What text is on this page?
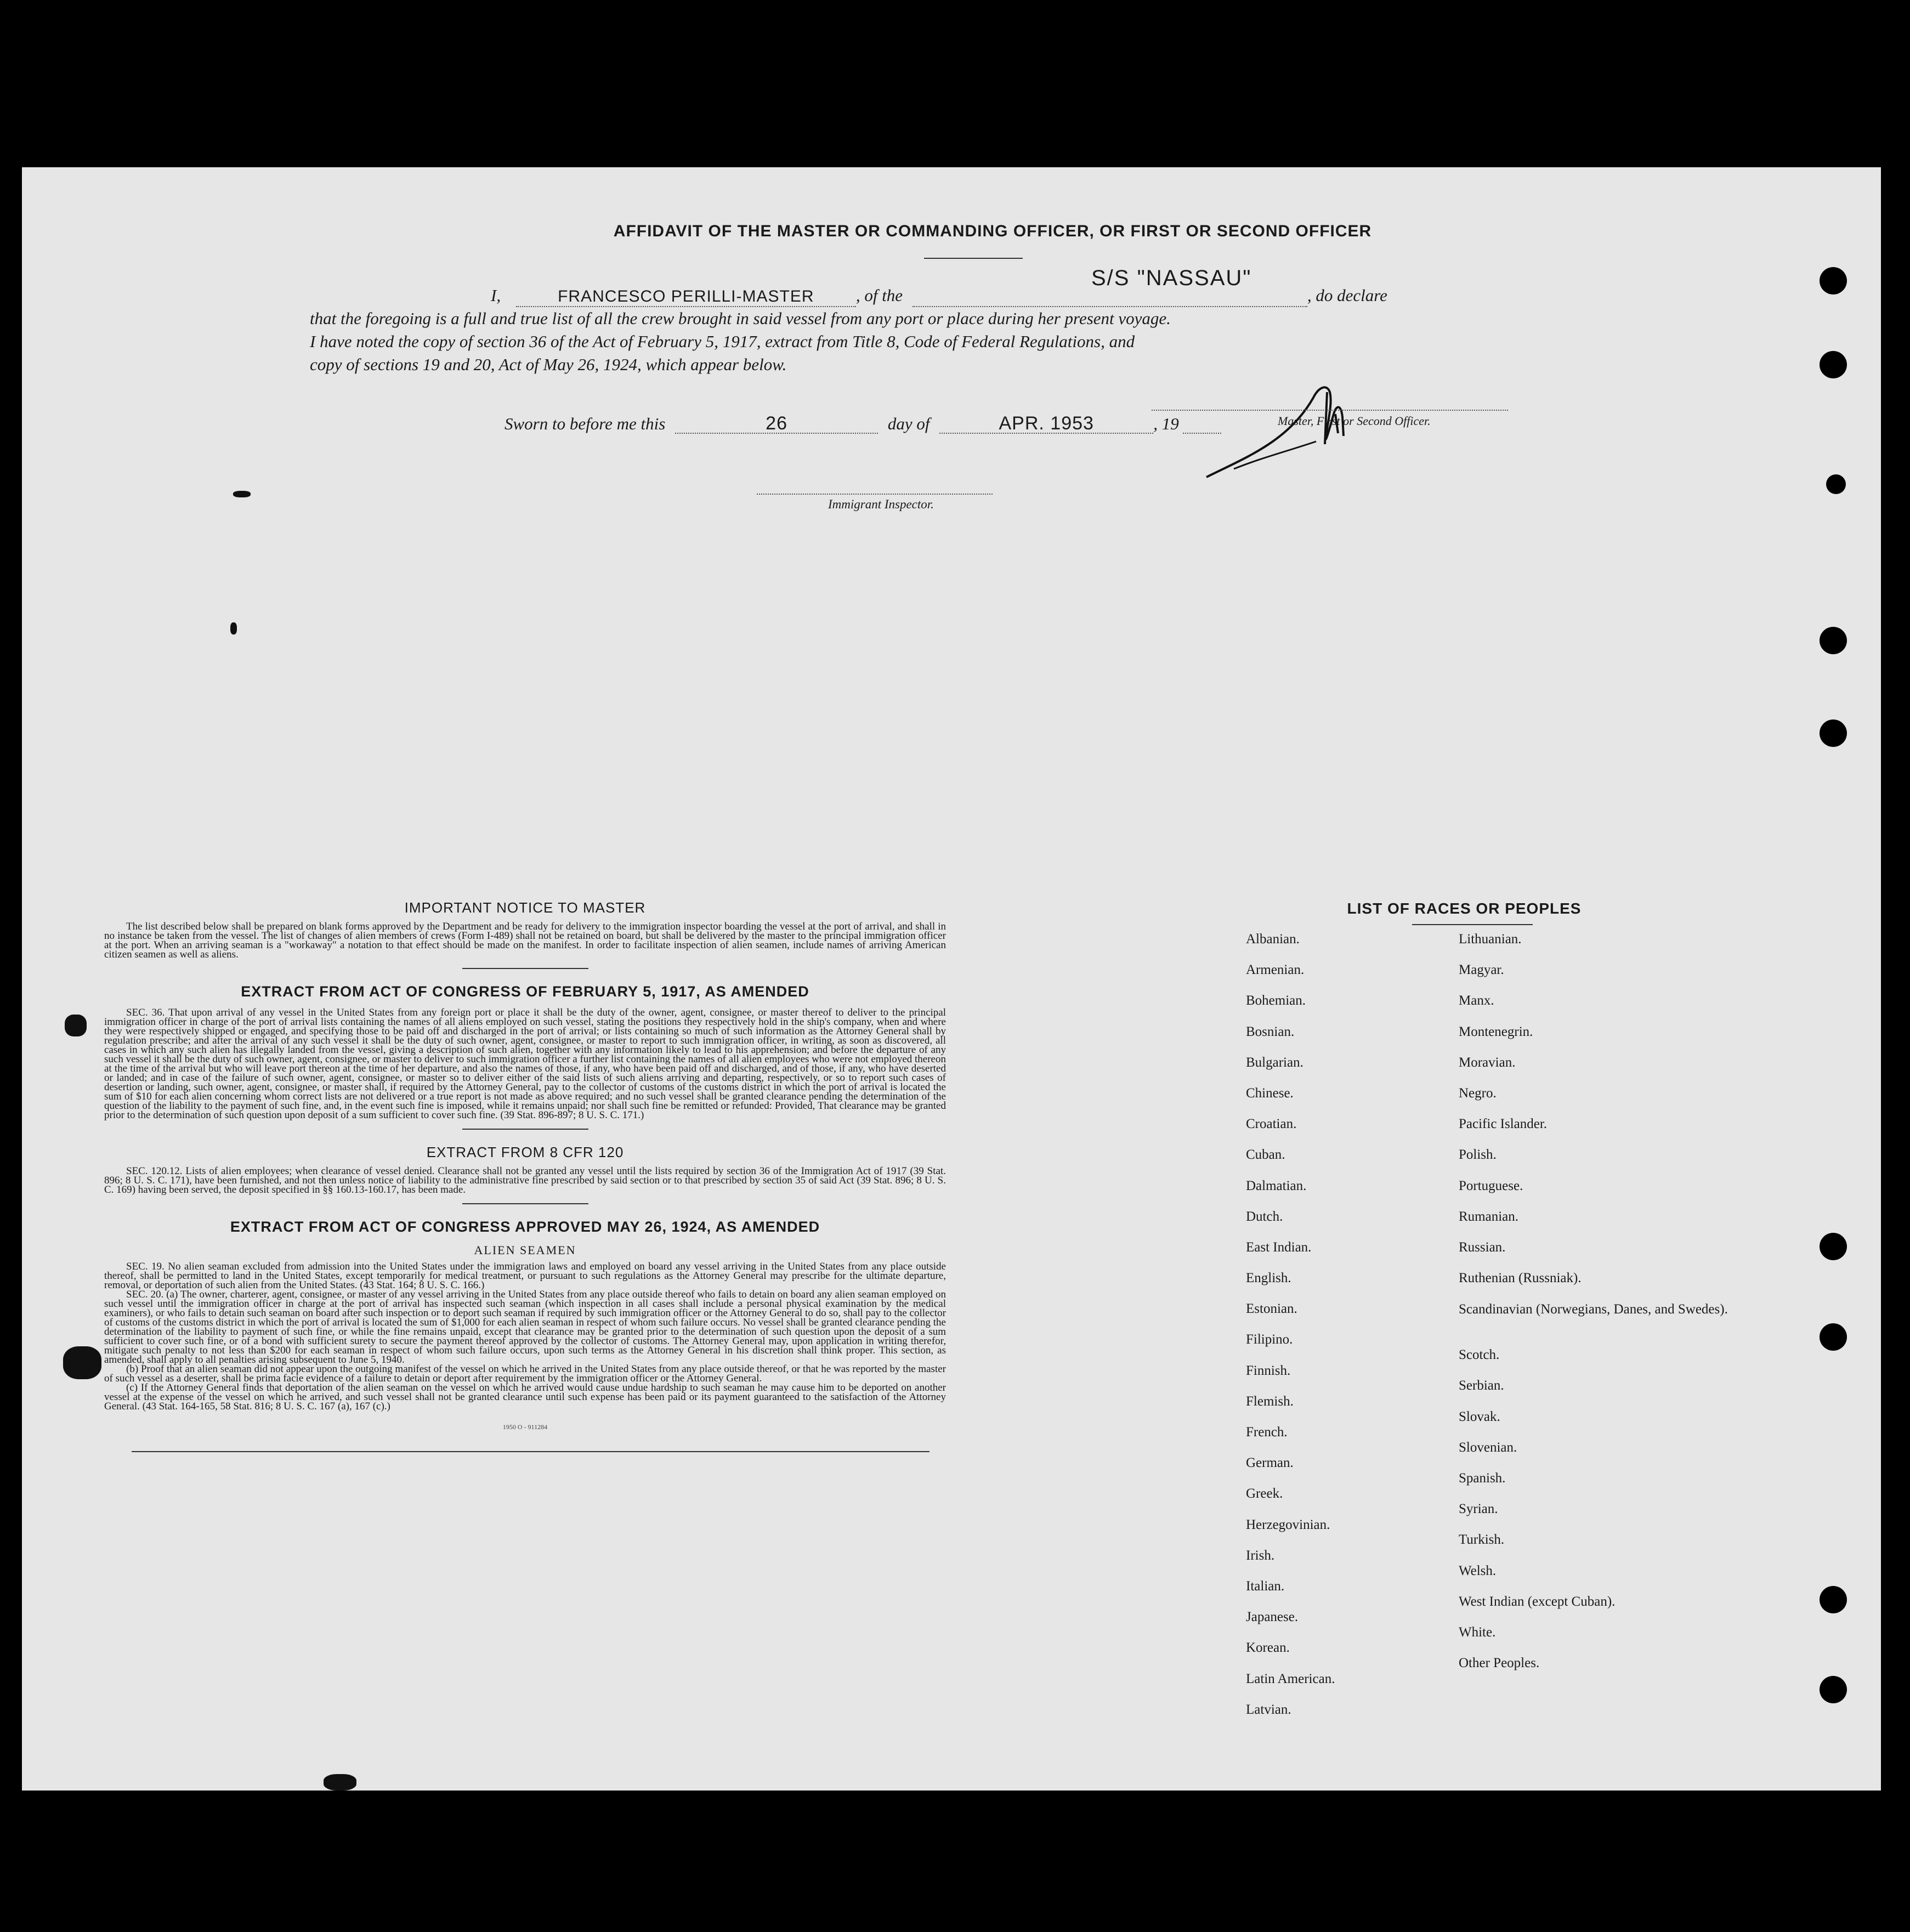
AFFIDAVIT OF THE MASTER OR COMMANDING OFFICER, OR FIRST OR SECOND OFFICER
S/S "NASSAU"
I,	FRANCESCO PERILLI-MASTER , of the	, do declare
that the foregoing is a full and true list of all the crew brought in said vessel from any port or place during her present voyage.
I have noted the copy of section 36 of the Act of February 5, 1917, extract from Title 8, Code of Federal Regulations, and
copy of sections 19 and 20, Act of May 26, 1924, which appear below.
Master, First or Second Officer.
Sworn to before me this	26	day of	APR. 1953	, 19
Immigrant Inspector.
IMPORTANT NOTICE TO MASTER

The list described below shall be prepared on blank forms approved by the Department and be ready for delivery to the immigration inspector boarding the vessel at the port of arrival, and shall in no instance be taken from the vessel. The list of changes of alien members of crews (Form I-489) shall not be retained on board, but shall be delivered by the master to the principal immigration officer at the port. When an arriving seaman is a "workaway" a notation to that effect should be made on the manifest. In order to facilitate inspection of alien seamen, include names of arriving American citizen seamen as well as aliens.

EXTRACT FROM ACT OF CONGRESS OF FEBRUARY 5, 1917, AS AMENDED

SEC. 36. That upon arrival of any vessel in the United States from any foreign port or place it shall be the duty of the owner, agent, consignee, or master thereof to deliver to the principal immigration officer in charge of the port of arrival lists containing the names of all aliens employed on such vessel, stating the positions they respectively hold in the ship's company, when and where they were respectively shipped or engaged, and specifying those to be paid off and discharged in the port of arrival; or lists containing so much of such information as the Attorney General shall by regulation prescribe; and after the arrival of any such vessel it shall be the duty of such owner, agent, consignee, or master to report to such immigration officer, in writing, as soon as discovered, all cases in which any such alien has illegally landed from the vessel, giving a description of such alien, together with any information likely to lead to his apprehension; and before the departure of any such vessel it shall be the duty of such owner, agent, consignee, or master to deliver to such immigration officer a further list containing the names of all alien employees who were not employed thereon at the time of the arrival but who will leave port thereon at the time of her departure, and also the names of those, if any, who have been paid off and discharged, and of those, if any, who have deserted or landed; and in case of the failure of such owner, agent, consignee, or master so to deliver either of the said lists of such aliens arriving and departing, respectively, or so to report such cases of desertion or landing, such owner, agent, consignee, or master shall, if required by the Attorney General, pay to the collector of customs of the customs district in which the port of arrival is located the sum of $10 for each alien concerning whom correct lists are not delivered or a true report is not made as above required; and no such vessel shall be granted clearance pending the determination of the question of the liability to the payment of such fine, and, in the event such fine is imposed, while it remains unpaid; nor shall such fine be remitted or refunded: Provided, That clearance may be granted prior to the determination of such question upon deposit of a sum sufficient to cover such fine. (39 Stat. 896-897; 8 U. S. C. 171.)

EXTRACT FROM 8 CFR 120

SEC. 120.12. Lists of alien employees; when clearance of vessel denied. Clearance shall not be granted any vessel until the lists required by section 36 of the Immigration Act of 1917 (39 Stat. 896; 8 U. S. C. 171), have been furnished, and not then unless notice of liability to the administrative fine prescribed by said section or to that prescribed by section 35 of said Act (39 Stat. 896; 8 U. S. C. 169) having been served, the deposit specified in §§ 160.13-160.17, has been made.

EXTRACT FROM ACT OF CONGRESS APPROVED MAY 26, 1924, AS AMENDED
ALIEN SEAMEN

SEC. 19. No alien seaman excluded from admission into the United States under the immigration laws and employed on board any vessel arriving in the United States from any place outside thereof, shall be permitted to land in the United States, except temporarily for medical treatment, or pursuant to such regulations as the Attorney General may prescribe for the ultimate departure, removal, or deportation of such alien from the United States. (43 Stat. 164; 8 U. S. C. 166.)

SEC. 20. (a) The owner, charterer, agent, consignee, or master of any vessel arriving in the United States from any place outside thereof who fails to detain on board any alien seaman employed on such vessel until the immigration officer in charge at the port of arrival has inspected such seaman (which inspection in all cases shall include a personal physical examination by the medical examiners), or who fails to detain such seaman on board after such inspection or to deport such seaman if required by such immigration officer or the Attorney General to do so, shall pay to the collector of customs of the customs district in which the port of arrival is located the sum of $1,000 for each alien seaman in respect of whom such failure occurs. No vessel shall be granted clearance pending the determination of the liability to payment of such fine, or while the fine remains unpaid, except that clearance may be granted prior to the determination of such question upon the deposit of a sum sufficient to cover such fine, or of a bond with sufficient surety to secure the payment thereof approved by the collector of customs. The Attorney General may, upon application in writing therefor, mitigate such penalty to not less than $200 for each seaman in respect of whom such failure occurs, upon such terms as the Attorney General in his discretion shall think proper. This section, as amended, shall apply to all penalties arising subsequent to June 5, 1940.

(b) Proof that an alien seaman did not appear upon the outgoing manifest of the vessel on which he arrived in the United States from any place outside thereof, or that he was reported by the master of such vessel as a deserter, shall be prima facie evidence of a failure to detain or deport after requirement by the immigration officer or the Attorney General.

(c) If the Attorney General finds that deportation of the alien seaman on the vessel on which he arrived would cause undue hardship to such seaman he may cause him to be deported on another vessel at the expense of the vessel on which he arrived, and such vessel shall not be granted clearance until such expense has been paid or its payment guaranteed to the satisfaction of the Attorney General. (43 Stat. 164-165, 58 Stat. 816; 8 U. S. C. 167 (a), 167 (c).)

1950 O - 911284
LIST OF RACES OR PEOPLES
Albanian.
Armenian.
Bohemian.
Bosnian.
Bulgarian.
Chinese.
Croatian.
Cuban.
Dalmatian.
Dutch.
East Indian.
English.
Estonian.
Filipino.
Finnish.
Flemish.
French.
German.
Greek.
Herzegovinian.
Irish.
Italian.
Japanese.
Korean.
Latin American.
Latvian.
Lithuanian.
Magyar.
Manx.
Montenegrin.
Moravian.
Negro.
Pacific Islander.
Polish.
Portuguese.
Rumanian.
Russian.
Ruthenian (Russniak).
Scandinavian (Norwegians, Danes, and Swedes).
Scotch.
Serbian.
Slovak.
Slovenian.
Spanish.
Syrian.
Turkish.
Welsh.
West Indian (except Cuban).
White.
Other Peoples.
